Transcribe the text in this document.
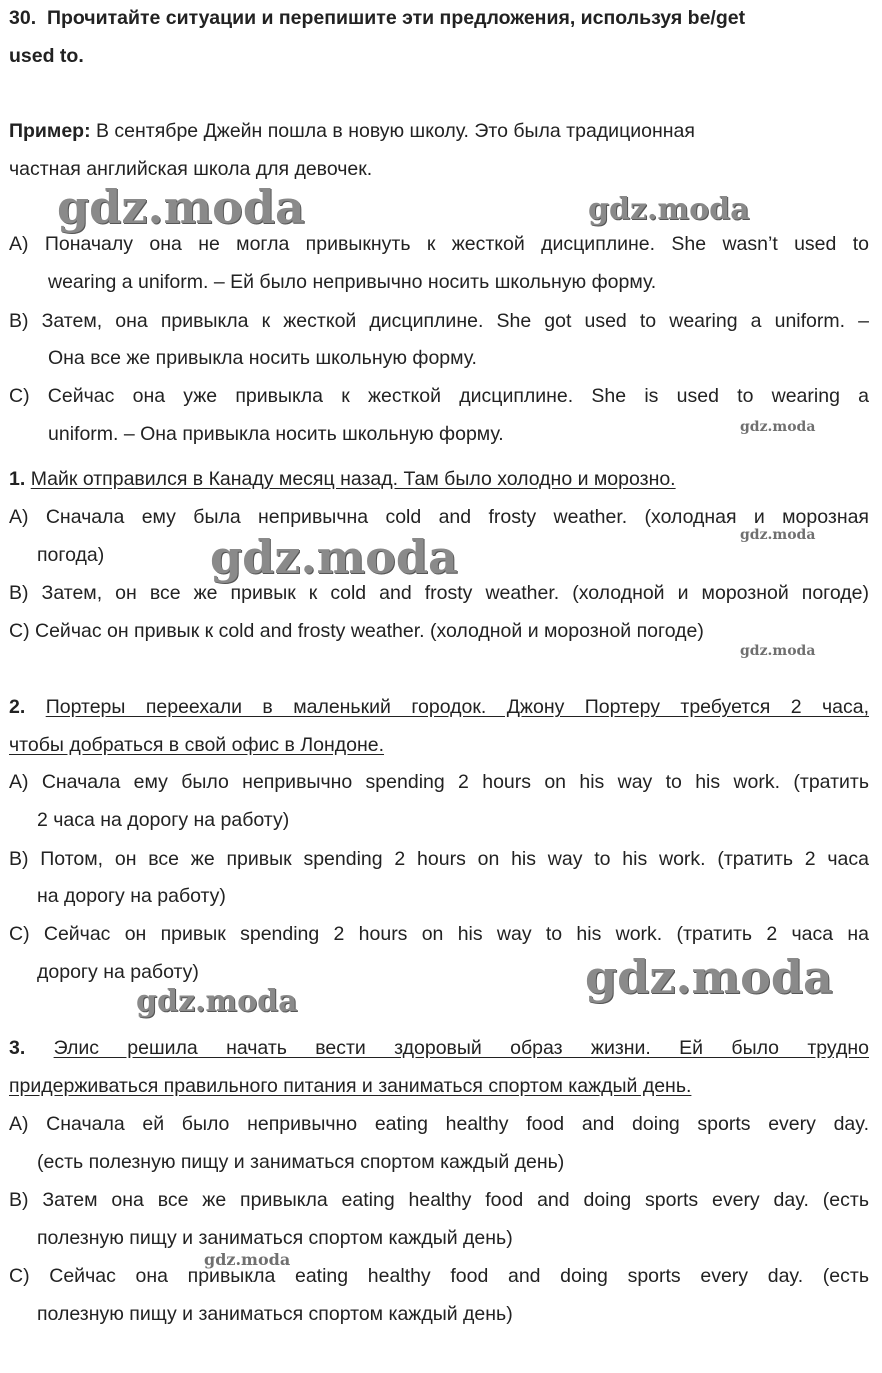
30. Прочитайте ситуации и перепишите эти предложения, используя be/get
used to.
Пример: В сентябре Джейн пошла в новую школу. Это была традиционная
частная английская школа для девочек.
A) Поначалу она не могла привыкнуть к жесткой дисциплине. She wasn’t used to
wearing a uniform. – Ей было непривычно носить школьную форму.
B) Затем, она привыкла к жесткой дисциплине. She got used to wearing a uniform. –
Она все же привыкла носить школьную форму.
C) Сейчас она уже привыкла к жесткой дисциплине. She is used to wearing a
uniform. – Она привыкла носить школьную форму.
1. Майк отправился в Канаду месяц назад. Там было холодно и морозно.
A) Сначала ему была непривычна cold and frosty weather. (холодная и морозная
погода)
B) Затем, он все же привык к cold and frosty weather. (холодной и морозной погоде)
C) Сейчас он привык к cold and frosty weather. (холодной и морозной погоде)
2. Портеры переехали в маленький городок. Джону Портеру требуется 2 часа,
чтобы добраться в свой офис в Лондоне.
A) Сначала ему было непривычно spending 2 hours on his way to his work. (тратить
2 часа на дорогу на работу)
B) Потом, он все же привык spending 2 hours on his way to his work. (тратить 2 часа
на дорогу на работу)
C) Сейчас он привык spending 2 hours on his way to his work. (тратить 2 часа на
дорогу на работу)
3. Элис решила начать вести здоровый образ жизни. Ей было трудно
придерживаться правильного питания и заниматься спортом каждый день.
A) Сначала ей было непривычно eating healthy food and doing sports every day.
(есть полезную пищу и заниматься спортом каждый день)
B) Затем она все же привыкла eating healthy food and doing sports every day. (есть
полезную пищу и заниматься спортом каждый день)
C) Сейчас она привыкла eating healthy food and doing sports every day. (есть
полезную пищу и заниматься спортом каждый день)
gdz.moda	gdz.moda
gdz.moda
gdz.moda	gdz.moda
gdz.moda
gdz.moda
gdz.moda
gdz.moda
